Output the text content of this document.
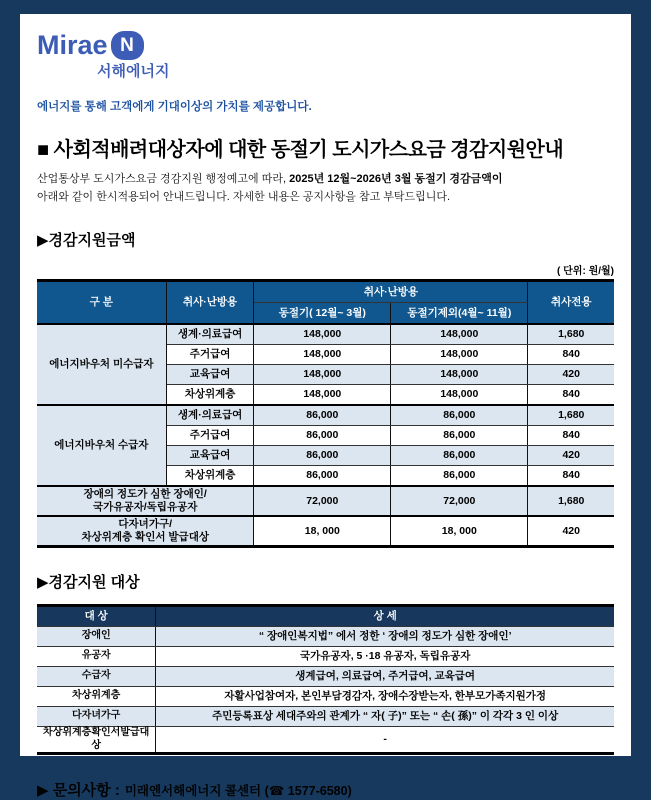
Mirae N
서해에너지
에너지를 통해 고객에게 기대이상의 가치를 제공합니다.
■ 사회적배려대상자에 대한 동절기 도시가스요금 경감지원안내
산업통상부 도시가스요금 경감지원 행정예고에 따라, 2025년 12월~2026년 3월 동절기 경감금액이
아래와 같이 한시적용되어 안내드립니다. 자세한 내용은 공지사항을 참고 부탁드립니다.
▶경감지원금액
( 단위: 원/월)
구 분	취사·난방용	취사·난방용		취사전용
		동절기( 12월~ 3월)	동절기제외(4월~ 11월)	
에너지바우처 미수급자	생계·의료급여	148,000	148,000	1,680
	주거급여	148,000	148,000	840
	교육급여	148,000	148,000	420
	차상위계층	148,000	148,000	840
에너지바우처 수급자	생계·의료급여	86,000	86,000	1,680
	주거급여	86,000	86,000	840
	교육급여	86,000	86,000	420
	차상위계층	86,000	86,000	840
장애의 정도가 심한 장애인/
국가유공자/독립유공자		72,000	72,000	1,680
다자녀가구/
차상위계층 확인서 발급대상		18, 000	18, 000	420
▶경감지원 대상
대 상	상 세
장애인	“ 장애인복지법” 에서 정한 ‘ 장애의 정도가 심한 장애인’
유공자	국가유공자, 5 ·18 유공자, 독립유공자
수급자	생계급여, 의료급여, 주거급여, 교육급여
차상위계층	자활사업참여자, 본인부담경감자, 장애수장받는자, 한부모가족지원가정
다자녀가구	주민등록표상 세대주와의 관계가 “ 자( 子)” 또는 “ 손( 孫)” 이 각각 3 인 이상
차상위계층확인서발급대상	-
▶ 문의사항 : 미래엔서해에너지 콜센터 (☎ 1577-6580)
